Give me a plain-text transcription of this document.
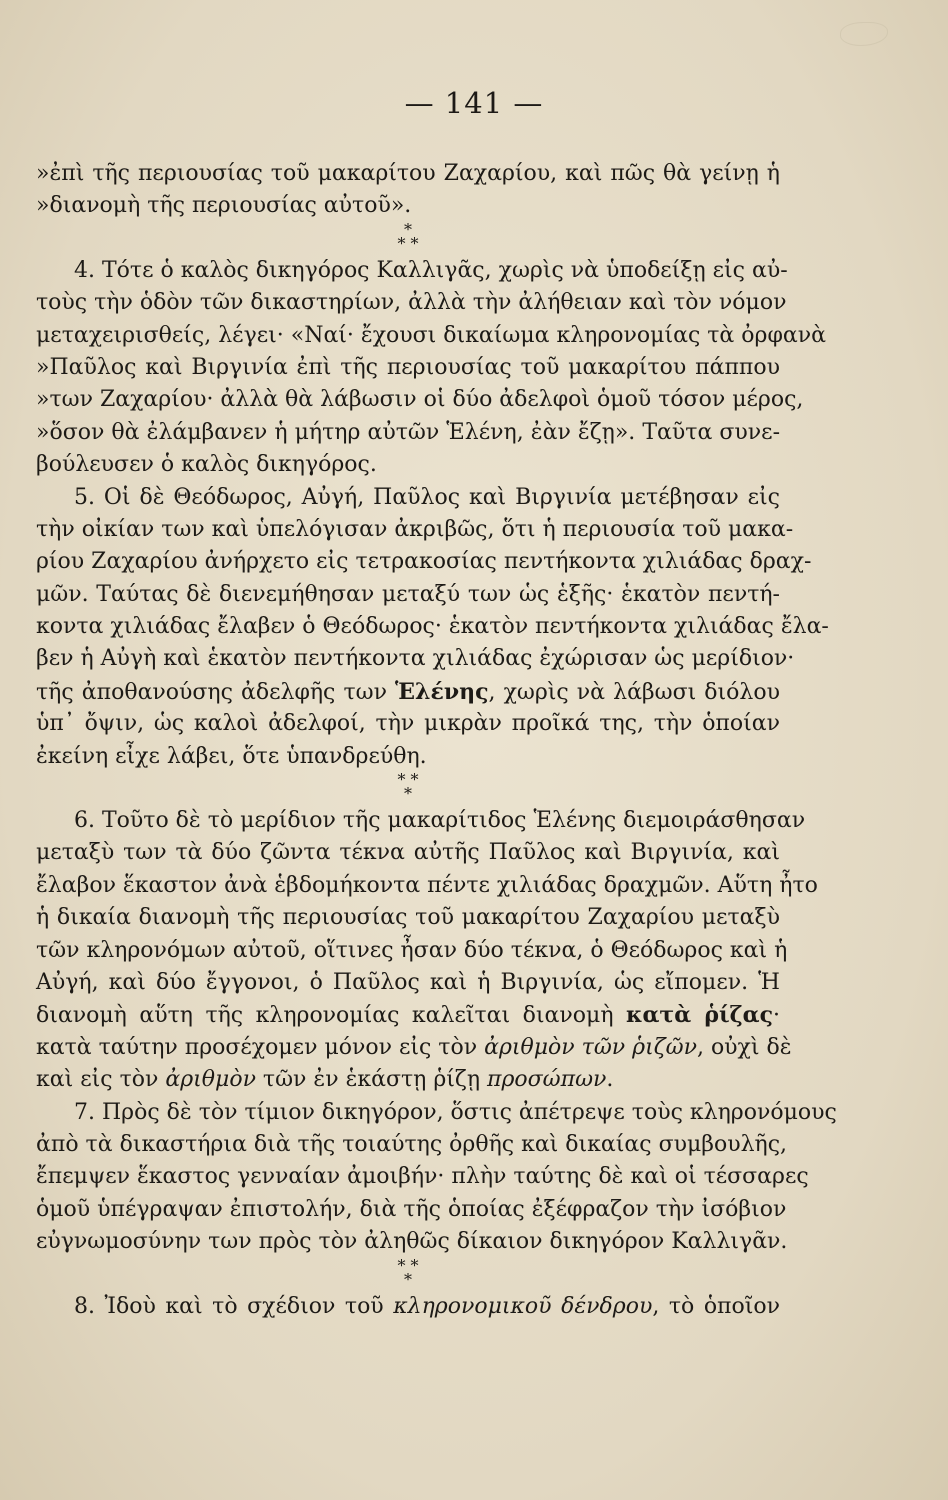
— 141 —
»ἐπὶ τῆς περιουσίας τοῦ μακαρίτου Ζαχαρίου, καὶ πῶς θὰ γείνῃ ἡ
»διανομὴ τῆς περιουσίας αὐτοῦ».
*
* *
4. Τότε ὁ καλὸς δικηγόρος Καλλιγᾶς, χωρὶς νὰ ὑποδείξῃ εἰς αὐ-
τοὺς τὴν ὁδὸν τῶν δικαστηρίων, ἀλλὰ τὴν ἀλήθειαν καὶ τὸν νόμον
μεταχειρισθείς, λέγει· «Ναί· ἔχουσι δικαίωμα κληρονομίας τὰ ὀρφανὰ
»Παῦλος καὶ Βιργινία ἐπὶ τῆς περιουσίας τοῦ μακαρίτου πάππου
»των Ζαχαρίου· ἀλλὰ θὰ λάβωσιν οἱ δύο ἀδελφοὶ ὁμοῦ τόσον μέρος,
»ὅσον θὰ ἐλάμβανεν ἡ μήτηρ αὐτῶν Ἑλένη, ἐὰν ἔζῃ». Ταῦτα συνε-
βούλευσεν ὁ καλὸς δικηγόρος.
5. Οἱ δὲ Θεόδωρος, Αὐγή, Παῦλος καὶ Βιργινία μετέβησαν εἰς
τὴν οἰκίαν των καὶ ὑπελόγισαν ἀκριβῶς, ὅτι ἡ περιουσία τοῦ μακα-
ρίου Ζαχαρίου ἀνήρχετο εἰς τετρακοσίας πεντήκοντα χιλιάδας δραχ-
μῶν. Ταύτας δὲ διενεμήθησαν μεταξύ των ὡς ἑξῆς· ἑκατὸν πεντή-
κοντα χιλιάδας ἔλαβεν ὁ Θεόδωρος· ἑκατὸν πεντήκοντα χιλιάδας ἔλα-
βεν ἡ Αὐγὴ καὶ ἑκατὸν πεντήκοντα χιλιάδας ἐχώρισαν ὡς μερίδιον·
τῆς ἀποθανούσης ἀδελφῆς των Ἑλένης, χωρὶς νὰ λάβωσι διόλου
ὑπ᾽ ὄψιν, ὡς καλοὶ ἀδελφοί, τὴν μικρὰν προῖκά της, τὴν ὁποίαν
ἐκείνη εἶχε λάβει, ὅτε ὑπανδρεύθη.
* *
*
6. Τοῦτο δὲ τὸ μερίδιον τῆς μακαρίτιδος Ἑλένης διεμοιράσθησαν
μεταξὺ των τὰ δύο ζῶντα τέκνα αὐτῆς Παῦλος καὶ Βιργινία, καὶ
ἔλαβον ἕκαστον ἀνὰ ἑβδομήκοντα πέντε χιλιάδας δραχμῶν. Αὕτη ἦτο
ἡ δικαία διανομὴ τῆς περιουσίας τοῦ μακαρίτου Ζαχαρίου μεταξὺ
τῶν κληρονόμων αὐτοῦ, οἵτινες ἦσαν δύο τέκνα, ὁ Θεόδωρος καὶ ἡ
Αὐγή, καὶ δύο ἔγγονοι, ὁ Παῦλος καὶ ἡ Βιργινία, ὡς εἴπομεν. Ἡ
διανομὴ αὕτη τῆς κληρονομίας καλεῖται διανομὴ κατὰ ῥίζας·
κατὰ ταύτην προσέχομεν μόνον εἰς τὸν ἀριθμὸν τῶν ῥιζῶν, οὐχὶ δὲ
καὶ εἰς τὸν ἀριθμὸν τῶν ἐν ἑκάστῃ ῥίζῃ προσώπων.
7. Πρὸς δὲ τὸν τίμιον δικηγόρον, ὅστις ἀπέτρεψε τοὺς κληρονόμους
ἀπὸ τὰ δικαστήρια διὰ τῆς τοιαύτης ὀρθῆς καὶ δικαίας συμβουλῆς,
ἔπεμψεν ἕκαστος γενναίαν ἀμοιβήν· πλὴν ταύτης δὲ καὶ οἱ τέσσαρες
ὁμοῦ ὑπέγραψαν ἐπιστολήν, διὰ τῆς ὁποίας ἐξέφραζον τὴν ἰσόβιον
εὐγνωμοσύνην των πρὸς τὸν ἀληθῶς δίκαιον δικηγόρον Καλλιγᾶν.
* *
*
8. Ἰδοὺ καὶ τὸ σχέδιον τοῦ κληρονομικοῦ δένδρου, τὸ ὁποῖον
